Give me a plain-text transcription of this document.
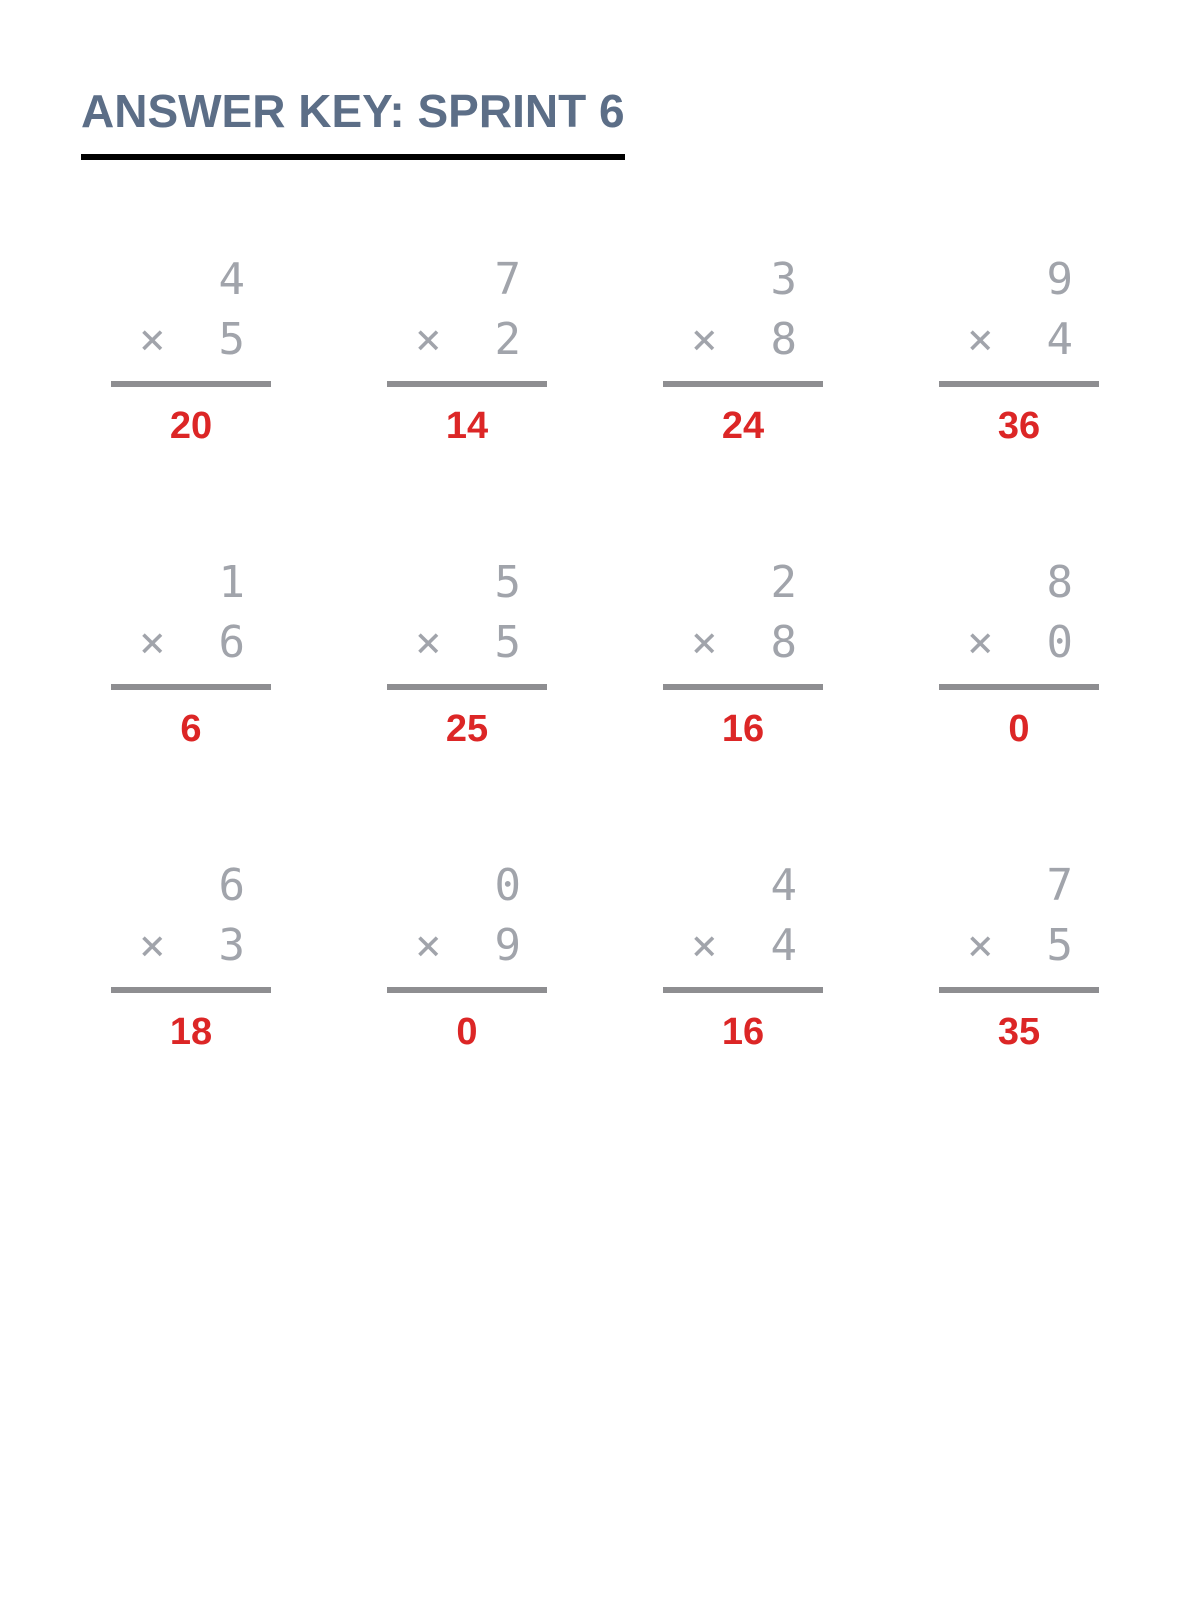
ANSWER KEY: SPRINT 6
4
× 5
20
7
× 2
14
3
× 8
24
9
× 4
36
1
× 6
6
5
× 5
25
2
× 8
16
8
× 0
0
6
× 3
18
0
× 9
0
4
× 4
16
7
× 5
35
